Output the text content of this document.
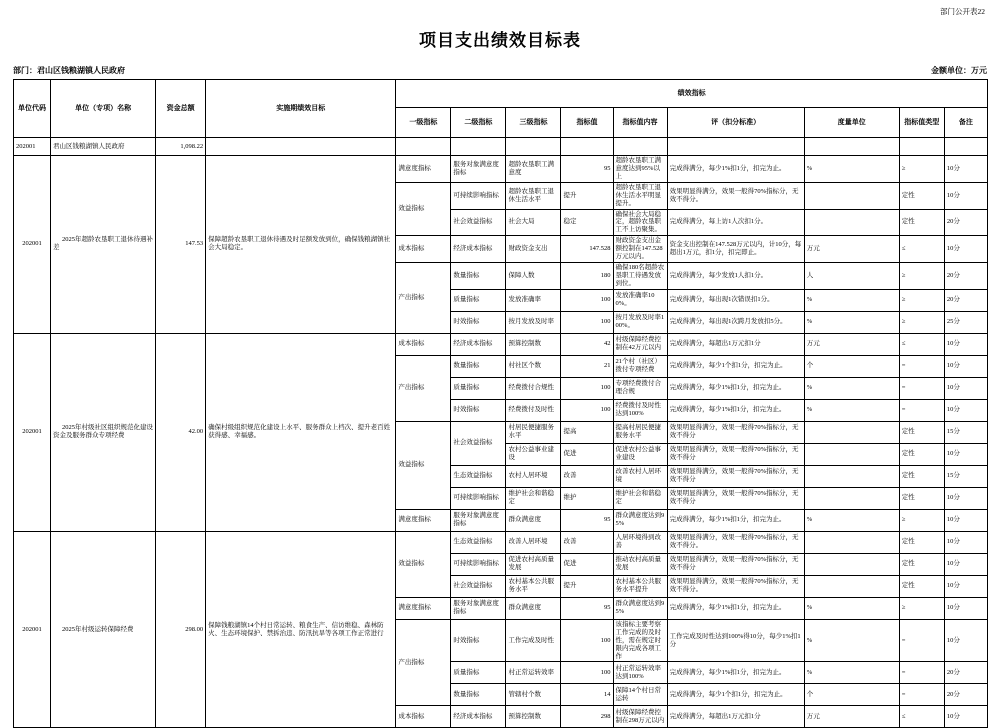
部门公开表22
项目支出绩效目标表
部门：君山区钱粮湖镇人民政府	金额单位：万元
单位代码	单位（专项）名称	资金总额	实施期绩效目标	绩效指标								
				一级指标	二级指标	三级指标	指标值	指标值内容	评（扣分标准）	度量单位	指标值类型	备注
202001	君山区钱粮湖镇人民政府	1,098.22										
202001	2025年超龄农垦职工退休待遇补差	147.53	保障超龄农垦职工退休待遇及时足额发放到位，确保钱粮湖镇社会大局稳定。	满意度指标	服务对象满意度指标	超龄农垦职工满意度	95	超龄农垦职工满意度达到95%以上	完成得满分，每少1%扣1分，扣完为止。	%	≥	10分
				效益指标	可持续影响指标	超龄农垦职工退休生活水平	提升	超龄农垦职工退休生活水平明显提升。	效果明显得满分，效果一般得70%指标分，无效不得分。		定性	10分
					社会效益指标	社会大局	稳定	确保社会大局稳定，超龄农垦职工不上访聚集。	完成得满分，每上访1人次扣1分。		定性	20分
				成本指标	经济成本指标	财政资金支出	147.528	财政资金支出金额控制在147.528万元以内。	资金支出控制在147.528万元以内，计10分，每超出1万元，扣1分，扣完即止。	万元	≤	10分
				产出指标	数量指标	保障人数	180	确保180名超龄农垦职工待遇发放到位。	完成得满分，每少发放1人扣1分。	人	≥	20分
					质量指标	发放准确率	100	发放准确率100%。	完成得满分，每出现1次错误扣1分。	%	≥	20分
					时效指标	按月发放及时率	100	按月发放及时率100%。	完成得满分，每出现1次跨月发放扣5分。	%	≥	25分
202001	2025年村级社区组织规范化建设资金及服务群众专项经费	42.00	确保村级组织规范化建设上水平、服务群众上档次、提升老百姓获得感、幸福感。	成本指标	经济成本指标	预算控制数	42	村级保障经费控制在42万元以内	完成得满分，每超出1万元扣1分	万元	≤	10分
				产出指标	数量指标	村社区个数	21	21个村（社区）拨付专项经费	完成得满分，每少1个扣1分，扣完为止。	个	=	10分
					质量指标	经费拨付合规性	100	专项经费拨付合理合规	完成得满分，每少1%扣1分，扣完为止。	%	=	10分
					时效指标	经费拨付及时性	100	经费拨付及时性达到100%	完成得满分，每少1%扣1分，扣完为止。	%	=	10分
				效益指标	社会效益指标	村居民便捷服务水平	提高	提高村居民便捷服务水平	效果明显得满分，效果一般得70%指标分，无效不得分		定性	15分
						农村公益事业建设	促进	促进农村公益事业建设	效果明显得满分，效果一般得70%指标分，无效不得分		定性	10分
					生态效益指标	农村人居环境	改善	改善农村人居环境	效果明显得满分，效果一般得70%指标分，无效不得分		定性	15分
					可持续影响指标	维护社会和谐稳定	维护	维护社会和谐稳定	效果明显得满分，效果一般得70%指标分，无效不得分		定性	10分
				满意度指标	服务对象满意度指标	群众满意度	95	群众满意度达到95%	完成得满分，每少1%扣1分，扣完为止。	%	≥	10分
202001	2025年村级运转保障经费	298.00	保障钱粮湖镇14个村日常运转、粮食生产、信访维稳、森林防火、生态环境保护、禁拆治违、防汛抗旱等各项工作正常进行	效益指标	生态效益指标	改善人居环境	改善	人居环境得到改善	效果明显得满分，效果一般得70%指标分，无效不得分。		定性	10分
					可持续影响指标	促进农村高质量发展	促进	推动农村高质量发展	效果明显得满分，效果一般得70%指标分，无效不得分		定性	10分
					社会效益指标	农村基本公共服务水平	提升	农村基本公共服务水平提升	效果明显得满分，效果一般得70%指标分，无效不得分。		定性	10分
				满意度指标	服务对象满意度指标	群众满意度	95	群众满意度达到95%	完成得满分，每少1%扣1分，扣完为止。	%	≥	10分
				产出指标	时效指标	工作完成及时性	100	该指标主要考察工作完成的及时性，需在规定时限内完成各项工作	工作完成及时性达到100%得10分，每少1%扣1分	%	=	10分
					质量指标	村正常运转效率	100	村正常运转效率达到100%	完成得满分，每少1%扣1分，扣完为止。	%	=	20分
					数量指标	管辖村个数	14	保障14个村日常运转	完成得满分，每少1个扣1分，扣完为止。	个	=	20分
				成本指标	经济成本指标	预算控制数	298	村级保障经费控制在298万元以内	完成得满分，每超出1万元扣1分	万元	≤	10分
